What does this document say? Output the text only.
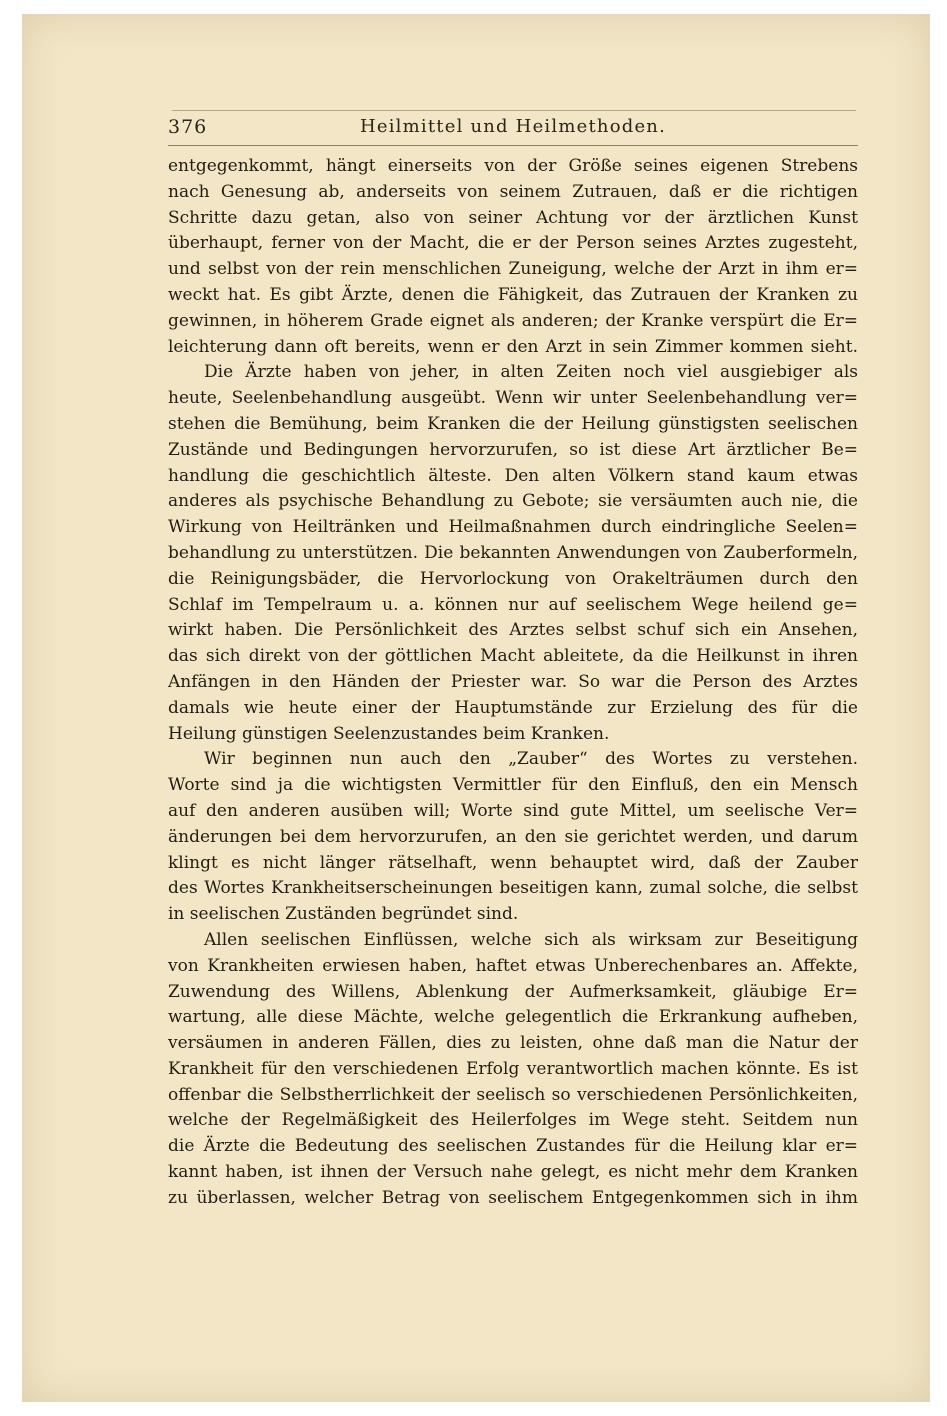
376	Heilmittel und Heilmethoden.
entgegenkommt, hängt einerseits von der Größe seines eigenen Strebens
nach Genesung ab, anderseits von seinem Zutrauen, daß er die richtigen
Schritte dazu getan, also von seiner Achtung vor der ärztlichen Kunst
überhaupt, ferner von der Macht, die er der Person seines Arztes zugesteht,
und selbst von der rein menschlichen Zuneigung, welche der Arzt in ihm er=
weckt hat. Es gibt Ärzte, denen die Fähigkeit, das Zutrauen der Kranken zu
gewinnen, in höherem Grade eignet als anderen; der Kranke verspürt die Er=
leichterung dann oft bereits, wenn er den Arzt in sein Zimmer kommen sieht.
Die Ärzte haben von jeher, in alten Zeiten noch viel ausgiebiger als
heute, Seelenbehandlung ausgeübt. Wenn wir unter Seelenbehandlung ver=
stehen die Bemühung, beim Kranken die der Heilung günstigsten seelischen
Zustände und Bedingungen hervorzurufen, so ist diese Art ärztlicher Be=
handlung die geschichtlich älteste. Den alten Völkern stand kaum etwas
anderes als psychische Behandlung zu Gebote; sie versäumten auch nie, die
Wirkung von Heiltränken und Heilmaßnahmen durch eindringliche Seelen=
behandlung zu unterstützen. Die bekannten Anwendungen von Zauberformeln,
die Reinigungsbäder, die Hervorlockung von Orakelträumen durch den
Schlaf im Tempelraum u. a. können nur auf seelischem Wege heilend ge=
wirkt haben. Die Persönlichkeit des Arztes selbst schuf sich ein Ansehen,
das sich direkt von der göttlichen Macht ableitete, da die Heilkunst in ihren
Anfängen in den Händen der Priester war. So war die Person des Arztes
damals wie heute einer der Hauptumstände zur Erzielung des für die
Heilung günstigen Seelenzustandes beim Kranken.
Wir beginnen nun auch den „Zauber“ des Wortes zu verstehen.
Worte sind ja die wichtigsten Vermittler für den Einfluß, den ein Mensch
auf den anderen ausüben will; Worte sind gute Mittel, um seelische Ver=
änderungen bei dem hervorzurufen, an den sie gerichtet werden, und darum
klingt es nicht länger rätselhaft, wenn behauptet wird, daß der Zauber
des Wortes Krankheitserscheinungen beseitigen kann, zumal solche, die selbst
in seelischen Zuständen begründet sind.
Allen seelischen Einflüssen, welche sich als wirksam zur Beseitigung
von Krankheiten erwiesen haben, haftet etwas Unberechenbares an. Affekte,
Zuwendung des Willens, Ablenkung der Aufmerksamkeit, gläubige Er=
wartung, alle diese Mächte, welche gelegentlich die Erkrankung aufheben,
versäumen in anderen Fällen, dies zu leisten, ohne daß man die Natur der
Krankheit für den verschiedenen Erfolg verantwortlich machen könnte. Es ist
offenbar die Selbstherrlichkeit der seelisch so verschiedenen Persönlichkeiten,
welche der Regelmäßigkeit des Heilerfolges im Wege steht. Seitdem nun
die Ärzte die Bedeutung des seelischen Zustandes für die Heilung klar er=
kannt haben, ist ihnen der Versuch nahe gelegt, es nicht mehr dem Kranken
zu überlassen, welcher Betrag von seelischem Entgegenkommen sich in ihm
